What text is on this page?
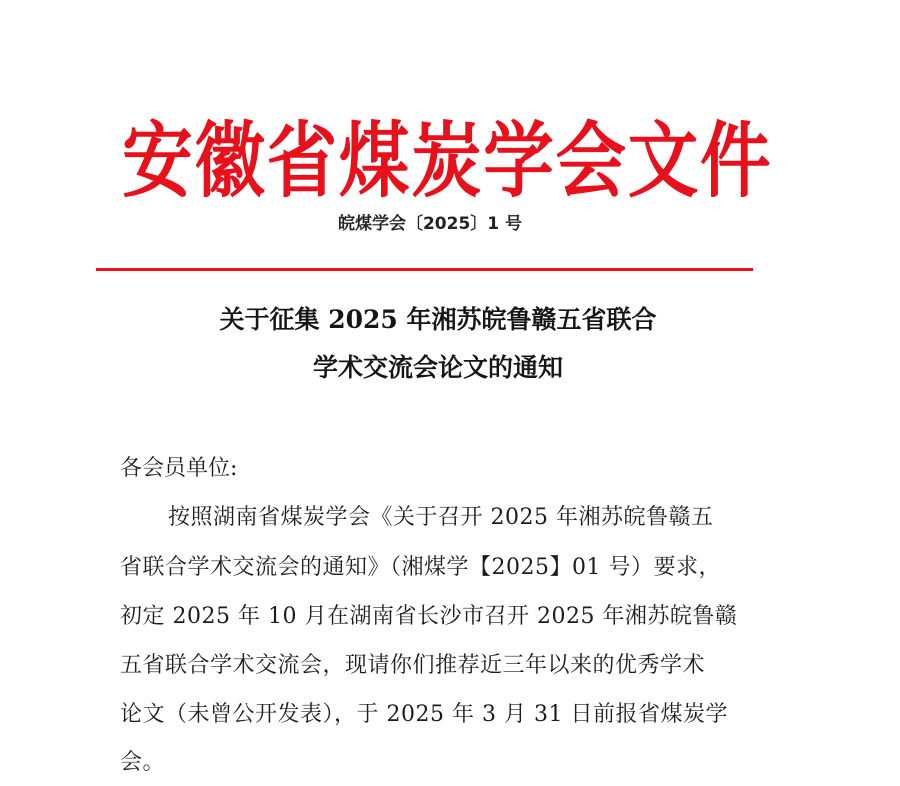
安徽省煤炭学会文件
皖煤学会〔2025〕1 号
关于征集 2025 年湘苏皖鲁赣五省联合
学术交流会论文的通知
各会员单位:
按照湖南省煤炭学会《关于召开 2025 年湘苏皖鲁赣五
省联合学术交流会的通知》（湘煤学【2025】01 号）要求，
初定 2025 年 10 月在湖南省长沙市召开 2025 年湘苏皖鲁赣
五省联合学术交流会，现请你们推荐近三年以来的优秀学术
论文（未曾公开发表），于 2025 年 3 月 31 日前报省煤炭学
会。
